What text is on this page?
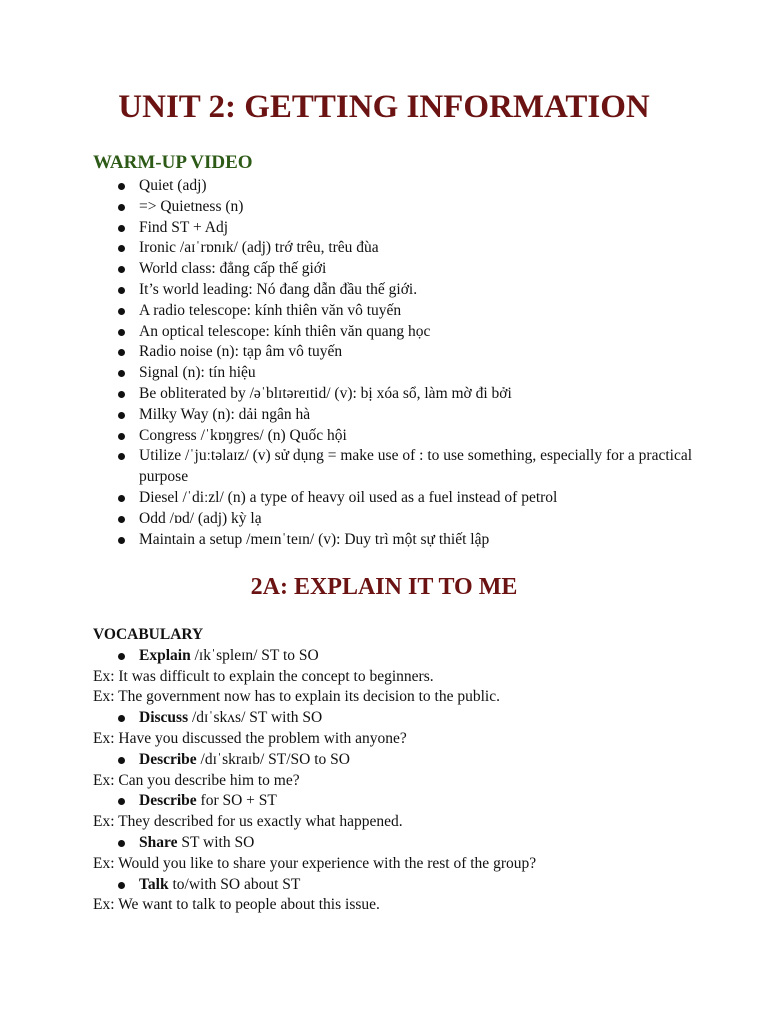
UNIT 2: GETTING INFORMATION
WARM-UP VIDEO
Quiet (adj)
=> Quietness (n)
Find ST + Adj
Ironic /aɪˈrɒnɪk/ (adj) trớ trêu, trêu đùa
World class: đẳng cấp thế giới
It’s world leading: Nó đang dẫn đầu thế giới.
A radio telescope: kính thiên văn vô tuyến
An optical telescope: kính thiên văn quang học
Radio noise (n): tạp âm vô tuyến
Signal (n): tín hiệu
Be obliterated by /əˈblɪtəreɪtid/ (v): bị xóa sổ, làm mờ đi bởi
Milky Way (n): dải ngân hà
Congress /ˈkɒŋgres/ (n) Quốc hội
Utilize /ˈjuːtəlaɪz/ (v) sử dụng = make use of : to use something, especially for a practical purpose
Diesel /ˈdiːzl/ (n) a type of heavy oil used as a fuel instead of petrol
Odd /ɒd/ (adj) kỳ lạ
Maintain a setup /meɪnˈteɪn/ (v): Duy trì một sự thiết lập
2A: EXPLAIN IT TO ME
VOCABULARY
Explain /ɪkˈspleɪn/ ST to SO
Ex: It was difficult to explain the concept to beginners.
Ex: The government now has to explain its decision to the public.
Discuss /dɪˈskʌs/ ST with SO
Ex: Have you discussed the problem with anyone?
Describe /dɪˈskraɪb/ ST/SO to SO
Ex: Can you describe him to me?
Describe for SO + ST
Ex: They described for us exactly what happened.
Share ST with SO
Ex: Would you like to share your experience with the rest of the group?
Talk to/with SO about ST
Ex: We want to talk to people about this issue.
